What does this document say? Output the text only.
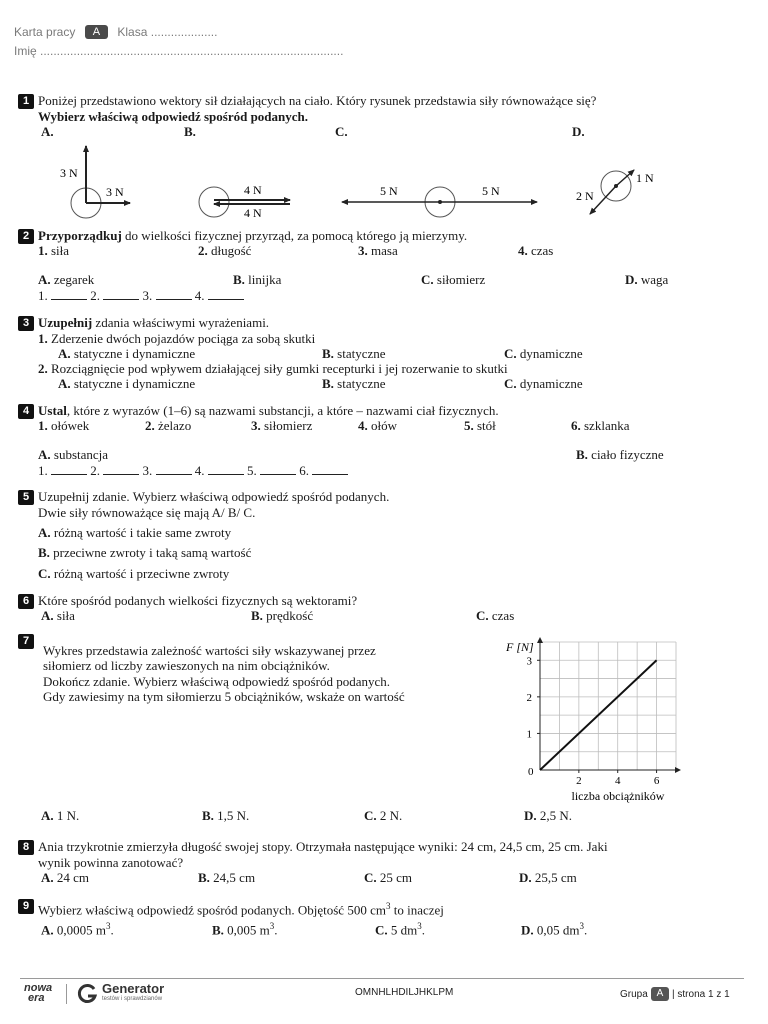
Karta pracy A Klasa ....................
Imię ...........................................................................................
1 Poniżej przedstawiono wektory sił działających na ciało. Który rysunek przedstawia siły równoważące się?
Wybierz właściwą odpowiedź spośród podanych.
A.	B.	C.	D.
3 N
3 N	4 N
4 N
5 N	5 N
1 N
2 N
2 Przyporządkuj do wielkości fizycznej przyrząd, za pomocą którego ją mierzymy.
1. siła	2. długość	3. masa	4. czas
A. zegarek	B. linijka	C. siłomierz	D. waga
1.	2.	3.	4.
3 Uzupełnij zdania właściwymi wyrażeniami.
1. Zderzenie dwóch pojazdów pociąga za sobą skutki
A. statyczne i dynamiczne	B. statyczne	C. dynamiczne
2. Rozciągnięcie pod wpływem działającej siły gumki recepturki i jej rozerwanie to skutki
A. statyczne i dynamiczne	B. statyczne	C. dynamiczne
4 Ustal, które z wyrazów (1–6) są nazwami substancji, a które – nazwami ciał fizycznych.
1. ołówek	2. żelazo	3. siłomierz	4. ołów	5. stół	6. szklanka
A. substancja	B. ciało fizyczne
1.	2.	3.	4.	5.	6.
5 Uzupełnij zdanie. Wybierz właściwą odpowiedź spośród podanych.
Dwie siły równoważące się mają A/ B/ C.
A. różną wartość i takie same zwroty
B. przeciwne zwroty i taką samą wartość
C. różną wartość i przeciwne zwroty
6 Które spośród podanych wielkości fizycznych są wektorami?
A. siła	B. prędkość	C. czas
7
Wykres przedstawia zależność wartości siły wskazywanej przez
siłomierz od liczby zawieszonych na nim obciążników.
Dokończ zdanie. Wybierz właściwą odpowiedź spośród podanych.
Gdy zawiesimy na tym siłomierzu 5 obciążników, wskaże on wartość
F [N]
2	4	6
1
2
3
0
liczba obciążników
A. 1 N.	B. 1,5 N.	C. 2 N.	D. 2,5 N.
8 Ania trzykrotnie zmierzyła długość swojej stopy. Otrzymała następujące wyniki: 24 cm, 24,5 cm, 25 cm. Jaki
wynik powinna zanotować?
A. 24 cm	B. 24,5 cm	C. 25 cm	D. 25,5 cm
9 Wybierz właściwą odpowiedź spośród podanych. Objętość 500 $cm^3$ to inaczej
A. 0,0005 $m^3$.	B. 0,005 $m^3$.	C. 5 $dm^3$.	D. 0,05 $dm^3$.
nowa
era
Generator
testów i sprawdzianów
OMNHLHDILJHKLPM	Grupa A | strona 1 z 1
